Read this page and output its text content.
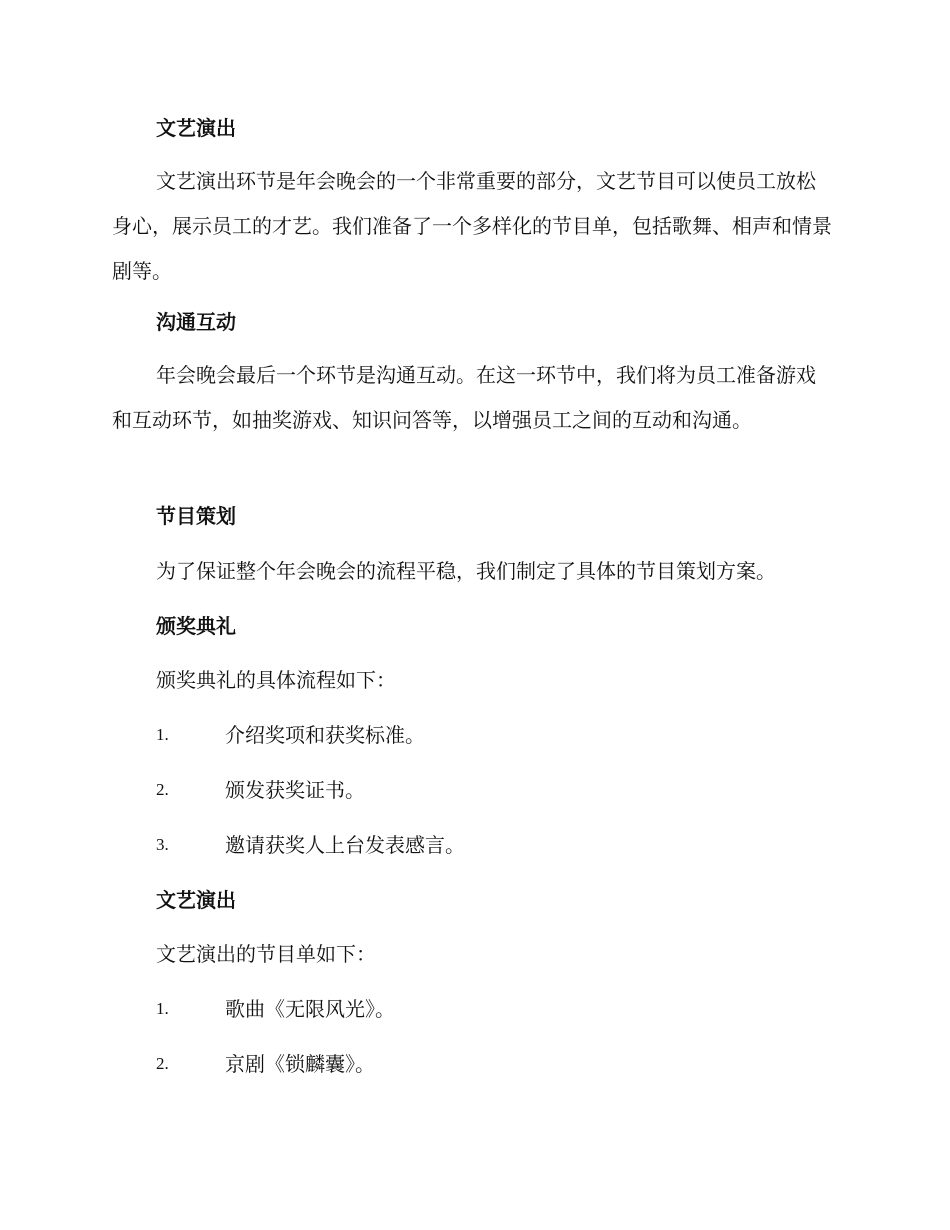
文艺演出

文艺演出环节是年会晚会的一个非常重要的部分，文艺节目可以使员工放松身心，展示员工的才艺。我们准备了一个多样化的节目单，包括歌舞、相声和情景剧等。

沟通互动

年会晚会最后一个环节是沟通互动。在这一环节中，我们将为员工准备游戏和互动环节，如抽奖游戏、知识问答等，以增强员工之间的互动和沟通。

节目策划

为了保证整个年会晚会的流程平稳，我们制定了具体的节目策划方案。

颁奖典礼

颁奖典礼的具体流程如下：

1.	介绍奖项和获奖标准。
2.	颁发获奖证书。
3.	邀请获奖人上台发表感言。
文艺演出

文艺演出的节目单如下：

1.	歌曲《无限风光》。
2.	京剧《锁麟囊》。
